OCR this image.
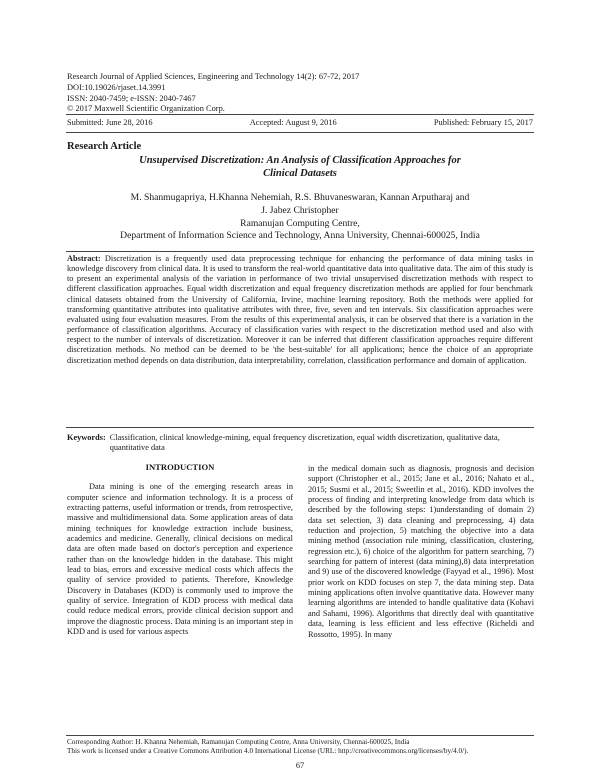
Research Journal of Applied Sciences, Engineering and Technology 14(2): 67-72, 2017
DOI:10.19026/rjaset.14.3991
ISSN: 2040-7459; e-ISSN: 2040-7467
© 2017 Maxwell Scientific Organization Corp.
Submitted: June 28, 2016	Accepted: August 9, 2016	Published: February 15, 2017
Research Article
Unsupervised Discretization: An Analysis of Classification Approaches for
Clinical Datasets
M. Shanmugapriya, H.Khanna Nehemiah, R.S. Bhuvaneswaran, Kannan Arputharaj and
J. Jabez Christopher
Ramanujan Computing Centre,
Department of Information Science and Technology, Anna University, Chennai-600025, India
Abstract: Discretization is a frequently used data preprocessing technique for enhancing the performance of data mining tasks in knowledge discovery from clinical data. It is used to transform the real-world quantitative data into qualitative data. The aim of this study is to present an experimental analysis of the variation in performance of two trivial unsupervised discretization methods with respect to different classification approaches. Equal width discretization and equal frequency discretization methods are applied for four benchmark clinical datasets obtained from the University of California, Irvine, machine learning repository. Both the methods were applied for transforming quantitative attributes into qualitative attributes with three, five, seven and ten intervals. Six classification approaches were evaluated using four evaluation measures. From the results of this experimental analysis, it can be observed that there is a variation in the performance of classification algorithms. Accuracy of classification varies with respect to the discretization method used and also with respect to the number of intervals of discretization. Moreover it can be inferred that different classification approaches require different discretization methods. No method can be deemed to be 'the best-suitable' for all applications; hence the choice of an appropriate discretization method depends on data distribution, data interpretability, correlation, classification performance and domain of application.
Keywords: Classification, clinical knowledge-mining, equal frequency discretization, equal width discretization, qualitative data, quantitative data
INTRODUCTION

Data mining is one of the emerging research areas in computer science and information technology. It is a process of extracting patterns, useful information or trends, from retrospective, massive and multidimensional data. Some application areas of data mining techniques for knowledge extraction include business, academics and medicine. Generally, clinical decisions on medical data are often made based on doctor's perception and experience rather than on the knowledge hidden in the database. This might lead to bias, errors and excessive medical costs which affects the quality of service provided to patients. Therefore, Knowledge Discovery in Databases (KDD) is commonly used to improve the quality of service. Integration of KDD process with medical data could reduce medical errors, provide clinical decision support and improve the diagnostic process. Data mining is an important step in KDD and is used for various aspects

in the medical domain such as diagnosis, prognosis and decision support (Christopher et al., 2015; Jane et al., 2016; Nahato et al., 2015; Susmi et al., 2015; Sweetlin et al., 2016). KDD involves the process of finding and interpreting knowledge from data which is described by the following steps: 1)understanding of domain 2) data set selection, 3) data cleaning and preprocessing, 4) data reduction and projection, 5) matching the objective into a data mining method (association rule mining, classification, clustering, regression etc.), 6) choice of the algorithm for pattern searching, 7) searching for pattern of interest (data mining),8) data interpretation and 9) use of the discovered knowledge (Fayyad et al., 1996). Most prior work on KDD focuses on step 7, the data mining step. Data mining applications often involve quantitative data. However many learning algorithms are intended to handle qualitative data (Kohavi and Sahami, 1996). Algorithms that directly deal with quantitative data, learning is less efficient and less effective (Richeldi and Rossotto, 1995). In many

Corresponding Author: H. Khanna Nehemiah, Ramanujan Computing Centre, Anna University, Chennai-600025, India
This work is licensed under a Creative Commons Attribution 4.0 International License (URL: http://creativecommons.org/licenses/by/4.0/).
67
